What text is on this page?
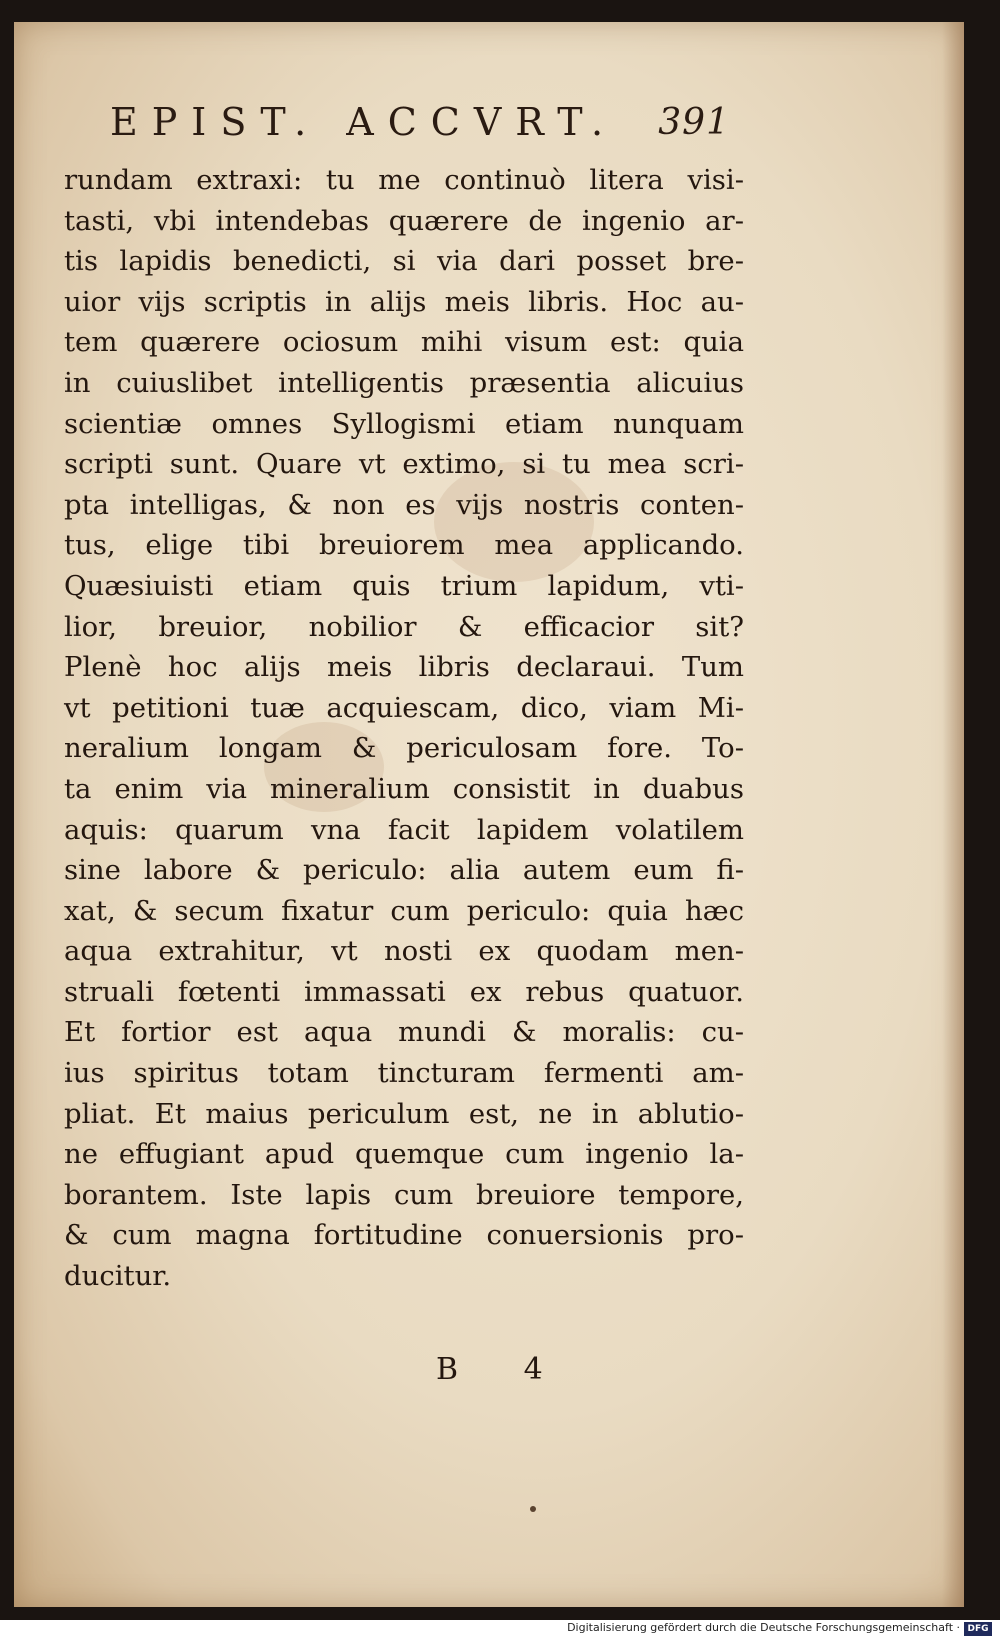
EPIST. ACCVRT. 391
rundam extraxi: tu me continuò litera visi-
tasti, vbi intendebas quærere de ingenio ar-
tis lapidis benedicti, si via dari posset bre-
uior vijs scriptis in alijs meis libris. Hoc au-
tem quærere ociosum mihi visum est: quia
in cuiuslibet intelligentis præsentia alicuius
scientiæ omnes Syllogismi etiam nunquam
scripti sunt. Quare vt extimo, si tu mea scri-
pta intelligas, & non es vijs nostris conten-
tus, elige tibi breuiorem mea applicando.
Quæsiuisti etiam quis trium lapidum, vti-
lior, breuior, nobilior & efficacior sit?
Plenè hoc alijs meis libris declaraui. Tum
vt petitioni tuæ acquiescam, dico, viam Mi-
neralium longam & periculosam fore. To-
ta enim via mineralium consistit in duabus
aquis: quarum vna facit lapidem volatilem
sine labore & periculo: alia autem eum fi-
xat, & secum fixatur cum periculo: quia hæc
aqua extrahitur, vt nosti ex quodam men-
struali fœtenti immassati ex rebus quatuor.
Et fortior est aqua mundi & moralis: cu-
ius spiritus totam tincturam fermenti am-
pliat. Et maius periculum est, ne in ablutio-
ne effugiant apud quemque cum ingenio la-
borantem. Iste lapis cum breuiore tempore,
& cum magna fortitudine conuersionis pro-
ducitur.
B 4
Digitalisierung gefördert durch die Deutsche Forschungsgemeinschaft · DFG
